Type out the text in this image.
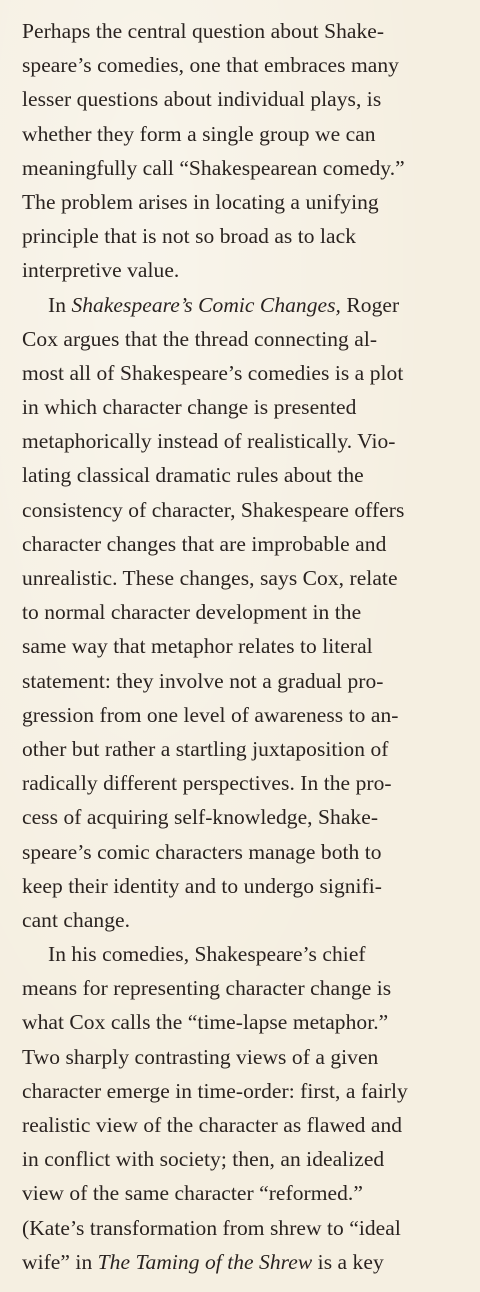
Perhaps the central question about Shake-
speare’s comedies, one that embraces many
lesser questions about individual plays, is
whether they form a single group we can
meaningfully call “Shakespearean comedy.”
The problem arises in locating a unifying
principle that is not so broad as to lack
interpretive value.
In Shakespeare’s Comic Changes, Roger
Cox argues that the thread connecting al-
most all of Shakespeare’s comedies is a plot
in which character change is presented
metaphorically instead of realistically. Vio-
lating classical dramatic rules about the
consistency of character, Shakespeare offers
character changes that are improbable and
unrealistic. These changes, says Cox, relate
to normal character development in the
same way that metaphor relates to literal
statement: they involve not a gradual pro-
gression from one level of awareness to an-
other but rather a startling juxtaposition of
radically different perspectives. In the pro-
cess of acquiring self-knowledge, Shake-
speare’s comic characters manage both to
keep their identity and to undergo signifi-
cant change.
In his comedies, Shakespeare’s chief
means for representing character change is
what Cox calls the “time-lapse metaphor.”
Two sharply contrasting views of a given
character emerge in time-order: first, a fairly
realistic view of the character as flawed and
in conflict with society; then, an idealized
view of the same character “reformed.”
(Kate’s transformation from shrew to “ideal
wife” in The Taming of the Shrew is a key
